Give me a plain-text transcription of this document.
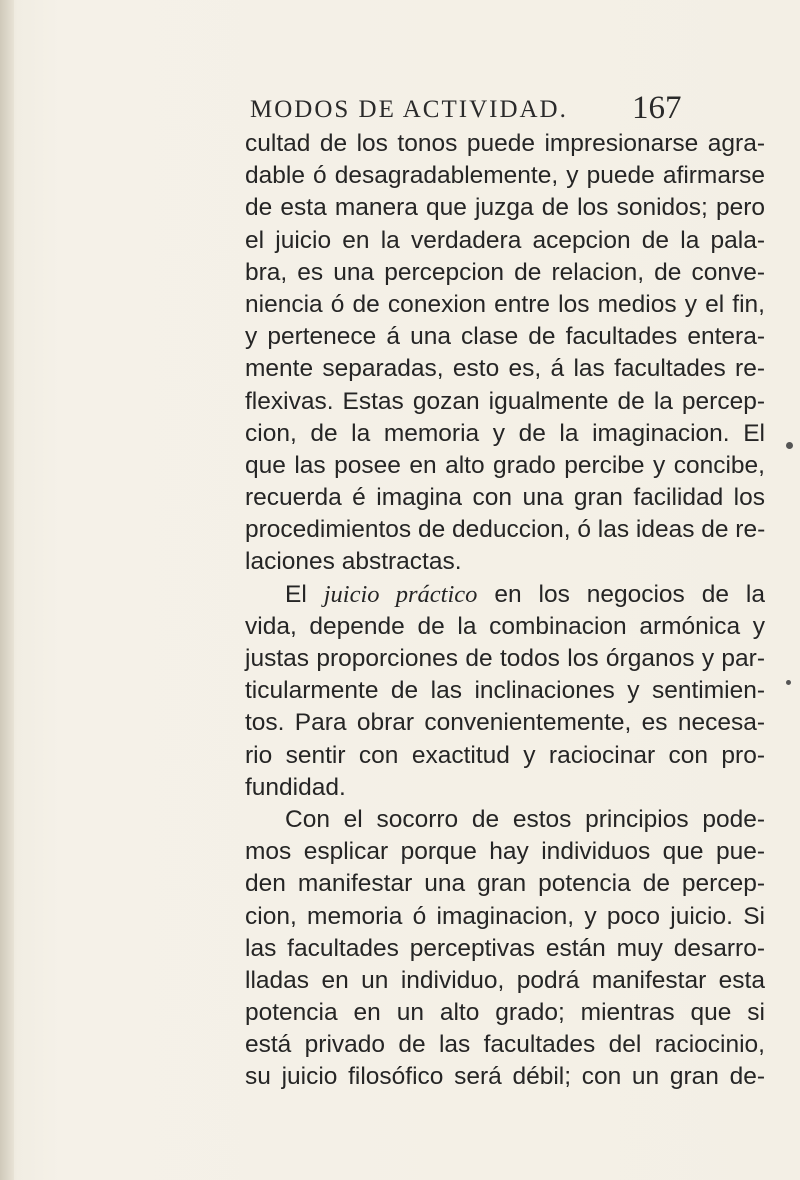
MODOS DE ACTIVIDAD. 167
cultad de los tonos puede impresionarse agra-
dable ó desagradablemente, y puede afirmarse
de esta manera que juzga de los sonidos; pero
el juicio en la verdadera acepcion de la pala-
bra, es una percepcion de relacion, de conve-
niencia ó de conexion entre los medios y el fin,
y pertenece á una clase de facultades entera-
mente separadas, esto es, á las facultades re-
flexivas. Estas gozan igualmente de la percep-
cion, de la memoria y de la imaginacion. El
que las posee en alto grado percibe y concibe,
recuerda é imagina con una gran facilidad los
procedimientos de deduccion, ó las ideas de re-
laciones abstractas.
El juicio práctico en los negocios de la
vida, depende de la combinacion armónica y
justas proporciones de todos los órganos y par-
ticularmente de las inclinaciones y sentimien-
tos. Para obrar convenientemente, es necesa-
rio sentir con exactitud y raciocinar con pro-
fundidad.
Con el socorro de estos principios pode-
mos esplicar porque hay individuos que pue-
den manifestar una gran potencia de percep-
cion, memoria ó imaginacion, y poco juicio. Si
las facultades perceptivas están muy desarro-
lladas en un individuo, podrá manifestar esta
potencia en un alto grado; mientras que si
está privado de las facultades del raciocinio,
su juicio filosófico será débil; con un gran de-
